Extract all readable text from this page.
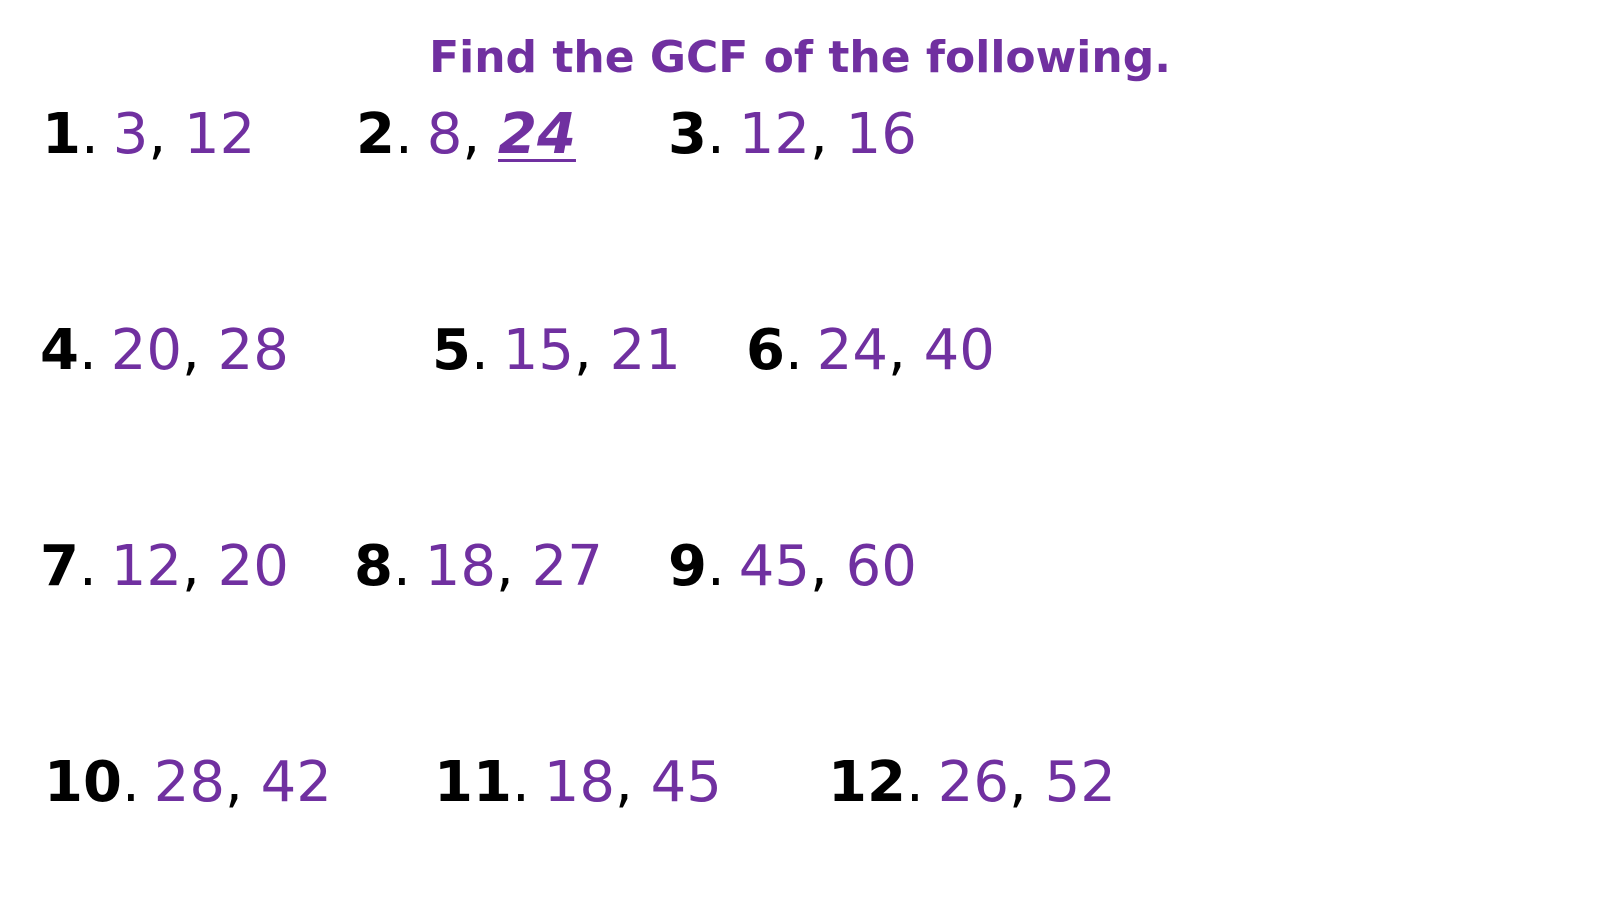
Find the GCF of the following.
1. 3, 12 2. 8, 24 3. 12, 16
4. 20, 28	5. 15, 21 6. 24, 40
7. 12, 20 8. 18, 27 9. 45, 60
10. 28, 42 11. 18, 45 12. 26, 52
